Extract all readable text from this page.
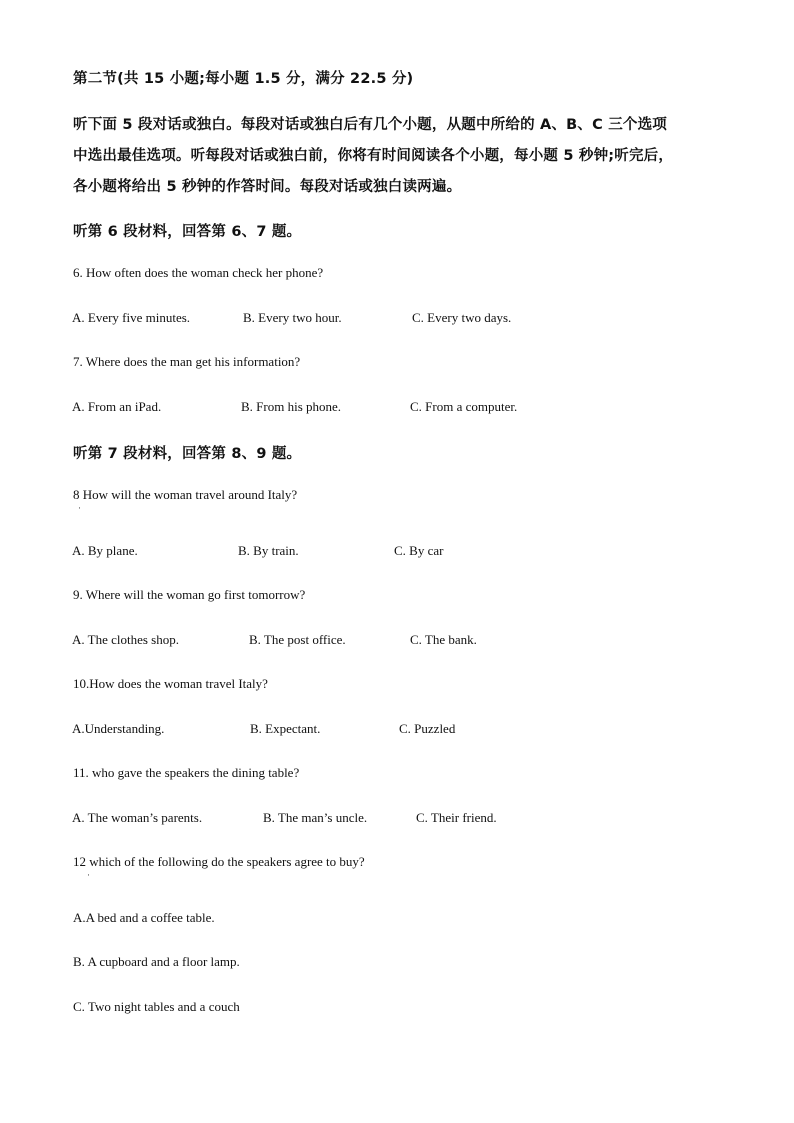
第二节(共 15 小题;每小题 1.5 分，满分 22.5 分)
听下面 5 段对话或独白。每段对话或独白后有几个小题，从题中所给的 A、B、C 三个选项
中选出最佳选项。听每段对话或独白前，你将有时间阅读各个小题，每小题 5 秒钟;听完后，
各小题将给出 5 秒钟的作答时间。每段对话或独白读两遍。
听第 6 段材料，回答第 6、7 题。
6. How often does the woman check her phone?
A. Every five minutes.	B. Every two hour.	C. Every two days.
7. Where does the man get his information?
A. From an iPad.	B. From his phone.	C. From a computer.
听第 7 段材料，回答第 8、9 题。
8 How will the woman travel around Italy?
·
A. By plane.	B. By train.	C. By car
9. Where will the woman go first tomorrow?
A. The clothes shop.	B. The post office.	C. The bank.
10.How does the woman travel Italy?
A.Understanding.	B. Expectant.	C. Puzzled
11. who gave the speakers the dining table?
A. The woman’s parents.	B. The man’s uncle.	C. Their friend.
12 which of the following do the speakers agree to buy?
·
A.A bed and a coffee table.
B. A cupboard and a floor lamp.
C. Two night tables and a couch
